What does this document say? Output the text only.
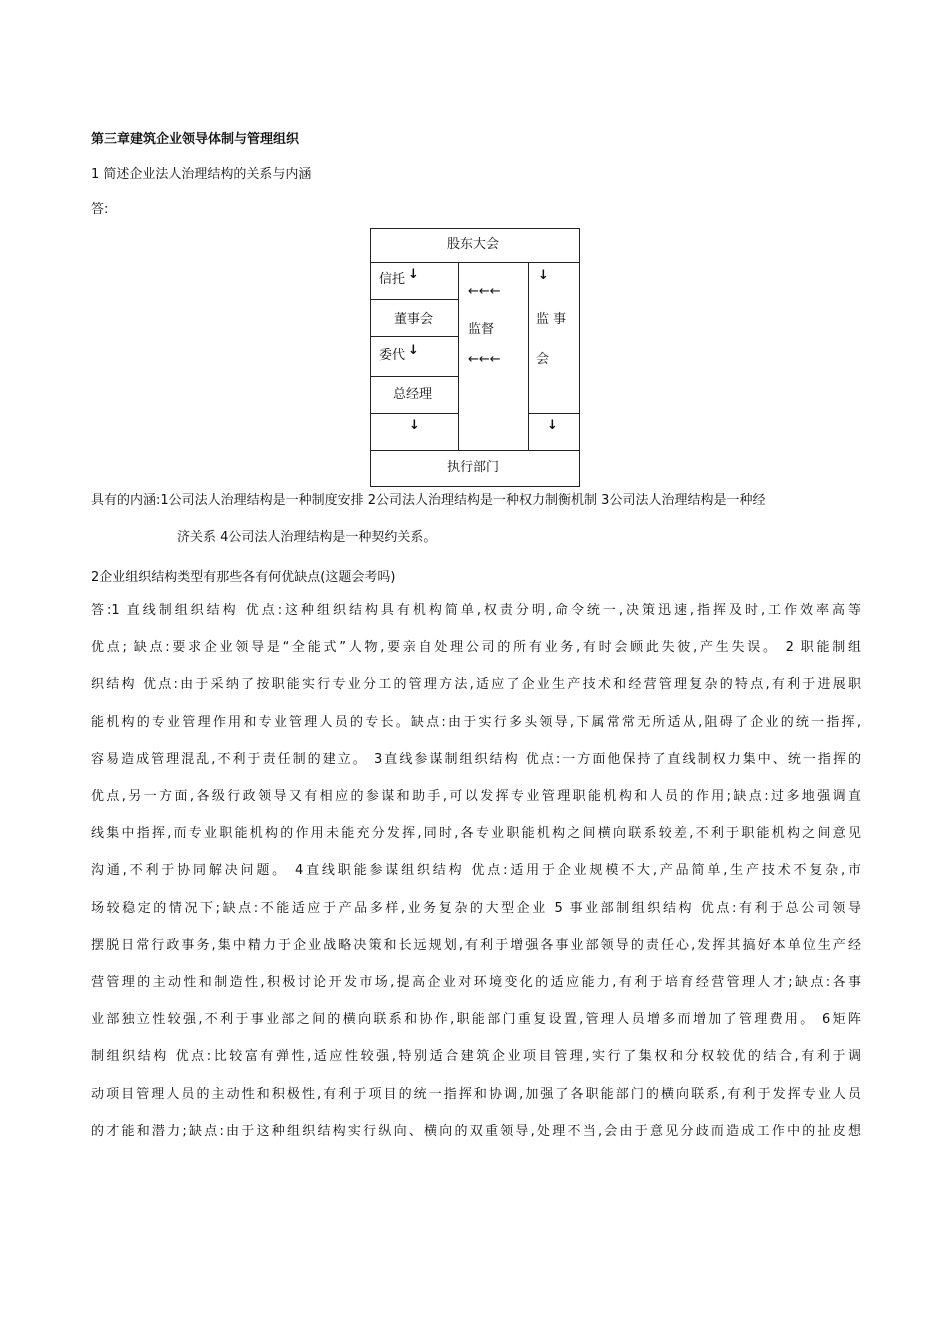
第三章建筑企业领导体制与管理组织
1 简述企业法人治理结构的关系与内涵
答:
股东大会
信托 ↓
董事会
委代 ↓
总经理
↓
←←←
监督
←←←
↓
监 事
会
↓
执行部门
具有的内涵:1公司法人治理结构是一种制度安排 2公司法人治理结构是一种权力制衡机制 3公司法人治理结构是一种经
济关系 4公司法人治理结构是一种契约关系。
2企业组织结构类型有那些各有何优缺点(这题会考吗)
答:1 直线制组织结构 优点:这种组织结构具有机构简单,权责分明,命令统一,决策迅速,指挥及时,工作效率高等
优点; 缺点:要求企业领导是“全能式”人物,要亲自处理公司的所有业务,有时会顾此失彼,产生失误。 2 职能制组
织结构 优点:由于采纳了按职能实行专业分工的管理方法,适应了企业生产技术和经营管理复杂的特点,有利于进展职
能机构的专业管理作用和专业管理人员的专长。缺点:由于实行多头领导,下属常常无所适从,阻碍了企业的统一指挥,
容易造成管理混乱,不利于责任制的建立。 3直线参谋制组织结构 优点:一方面他保持了直线制权力集中、统一指挥的
优点,另一方面,各级行政领导又有相应的参谋和助手,可以发挥专业管理职能机构和人员的作用;缺点:过多地强调直
线集中指挥,而专业职能机构的作用未能充分发挥,同时,各专业职能机构之间横向联系较差,不利于职能机构之间意见
沟通,不利于协同解决问题。 4直线职能参谋组织结构 优点:适用于企业规模不大,产品简单,生产技术不复杂,市
场较稳定的情况下;缺点:不能适应于产品多样,业务复杂的大型企业 5 事业部制组织结构 优点:有利于总公司领导
摆脱日常行政事务,集中精力于企业战略决策和长远规划,有利于增强各事业部领导的责任心,发挥其搞好本单位生产经
营管理的主动性和制造性,积极讨论开发市场,提高企业对环境变化的适应能力,有利于培育经营管理人才;缺点:各事
业部独立性较强,不利于事业部之间的横向联系和协作,职能部门重复设置,管理人员增多而增加了管理费用。 6矩阵
制组织结构 优点:比较富有弹性,适应性较强,特别适合建筑企业项目管理,实行了集权和分权较优的结合,有利于调
动项目管理人员的主动性和积极性,有利于项目的统一指挥和协调,加强了各职能部门的横向联系,有利于发挥专业人员
的才能和潜力;缺点:由于这种组织结构实行纵向、横向的双重领导,处理不当,会由于意见分歧而造成工作中的扯皮想
